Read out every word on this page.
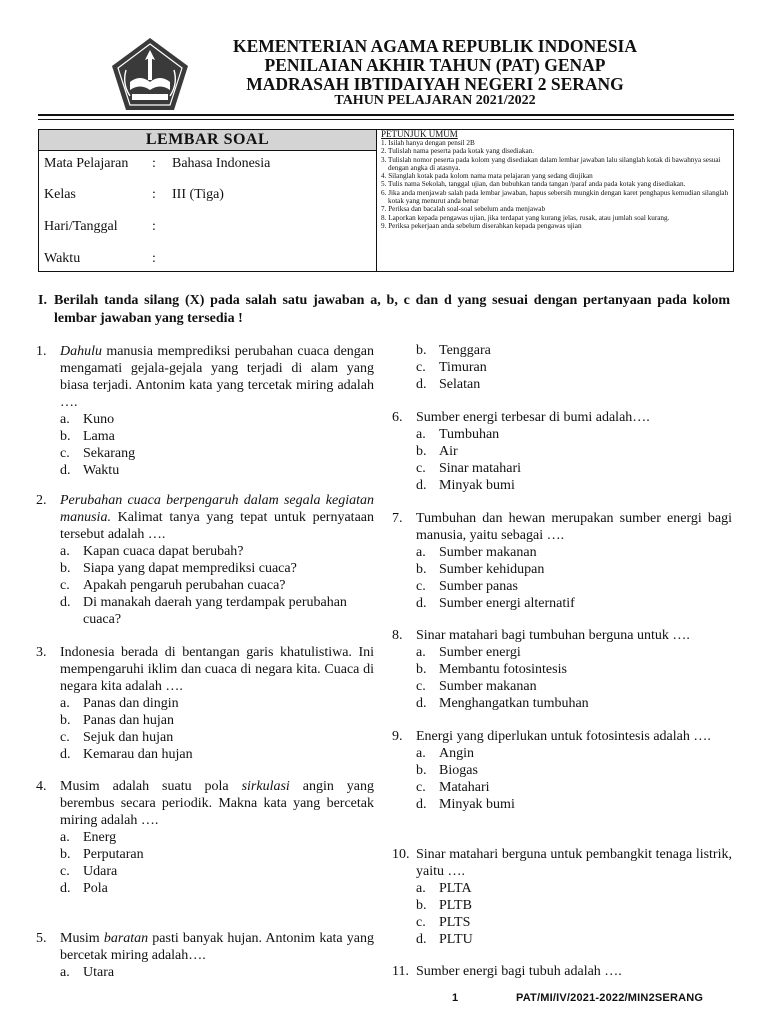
KEMENTERIAN AGAMA REPUBLIK INDONESIA
PENILAIAN AKHIR TAHUN (PAT) GENAP
MADRASAH IBTIDAIYAH NEGERI 2 SERANG
TAHUN PELAJARAN 2021/2022
LEMBAR SOAL
Mata Pelajaran : Bahasa Indonesia
Kelas	: III (Tiga)
Hari/Tanggal :
Waktu	:
PETUNJUK UMUM
1. Isilah hanya dengan pensil 2B
2. Tulislah nama peserta pada kotak yang disediakan.
3. Tulislah nomor peserta pada kolom yang disediakan dalam lembar jawaban lalu silanglah kotak di bawahnya sesuai dengan angka di atasnya.
4. Silanglah kotak pada kolom nama mata pelajaran yang sedang diujikan
5. Tulis nama Sekolah, tanggal ujian, dan bubuhkan tanda tangan /paraf anda pada kotak yang disediakan.
6. Jika anda menjawab salah pada lembar jawaban, hapus sebersih mungkin dengan karet penghapus kemudian silanglah kotak yang menurut anda benar
7. Periksa dan bacalah soal-soal sebelum anda menjawab
8. Laporkan kepada pengawas ujian, jika terdapat yang kurang jelas, rusak, atau jumlah soal kurang.
9. Periksa pekerjaan anda sebelum diserahkan kepada pengawas ujian
I. Berilah tanda silang (X) pada salah satu jawaban a, b, c dan d yang sesuai dengan pertanyaan pada kolom lembar jawaban yang tersedia !
1. Dahulu manusia memprediksi perubahan cuaca dengan mengamati gejala-gejala yang terjadi di alam yang biasa terjadi. Antonim kata yang tercetak miring adalah ….
a. Kuno
b. Lama
c. Sekarang
d. Waktu
2. Perubahan cuaca berpengaruh dalam segala kegiatan manusia. Kalimat tanya yang tepat untuk pernyataan tersebut adalah ….
a. Kapan cuaca dapat berubah?
b. Siapa yang dapat memprediksi cuaca?
c. Apakah pengaruh perubahan cuaca?
d. Di manakah daerah yang terdampak perubahan cuaca?
3. Indonesia berada di bentangan garis khatulistiwa. Ini mempengaruhi iklim dan cuaca di negara kita. Cuaca di negara kita adalah ….
a. Panas dan dingin
b. Panas dan hujan
c. Sejuk dan hujan
d. Kemarau dan hujan
4. Musim adalah suatu pola sirkulasi angin yang berembus secara periodik. Makna kata yang bercetak miring adalah ….
a. Energ
b. Perputaran
c. Udara
d. Pola
5. Musim baratan pasti banyak hujan. Antonim kata yang bercetak miring adalah….
a. Utara
b. Tenggara
c. Timuran
d. Selatan
6. Sumber energi terbesar di bumi adalah….
a. Tumbuhan
b. Air
c. Sinar matahari
d. Minyak bumi
7. Tumbuhan dan hewan merupakan sumber energi bagi manusia, yaitu sebagai ….
a. Sumber makanan
b. Sumber kehidupan
c. Sumber panas
d. Sumber energi alternatif
8. Sinar matahari bagi tumbuhan berguna untuk ….
a. Sumber energi
b. Membantu fotosintesis
c. Sumber makanan
d. Menghangatkan tumbuhan
9. Energi yang diperlukan untuk fotosintesis adalah ….
a. Angin
b. Biogas
c. Matahari
d. Minyak bumi
10. Sinar matahari berguna untuk pembangkit tenaga listrik, yaitu ….
a. PLTA
b. PLTB
c. PLTS
d. PLTU
11. Sumber energi bagi tubuh adalah ….
1	PAT/MI/IV/2021-2022/MIN2SERANG
